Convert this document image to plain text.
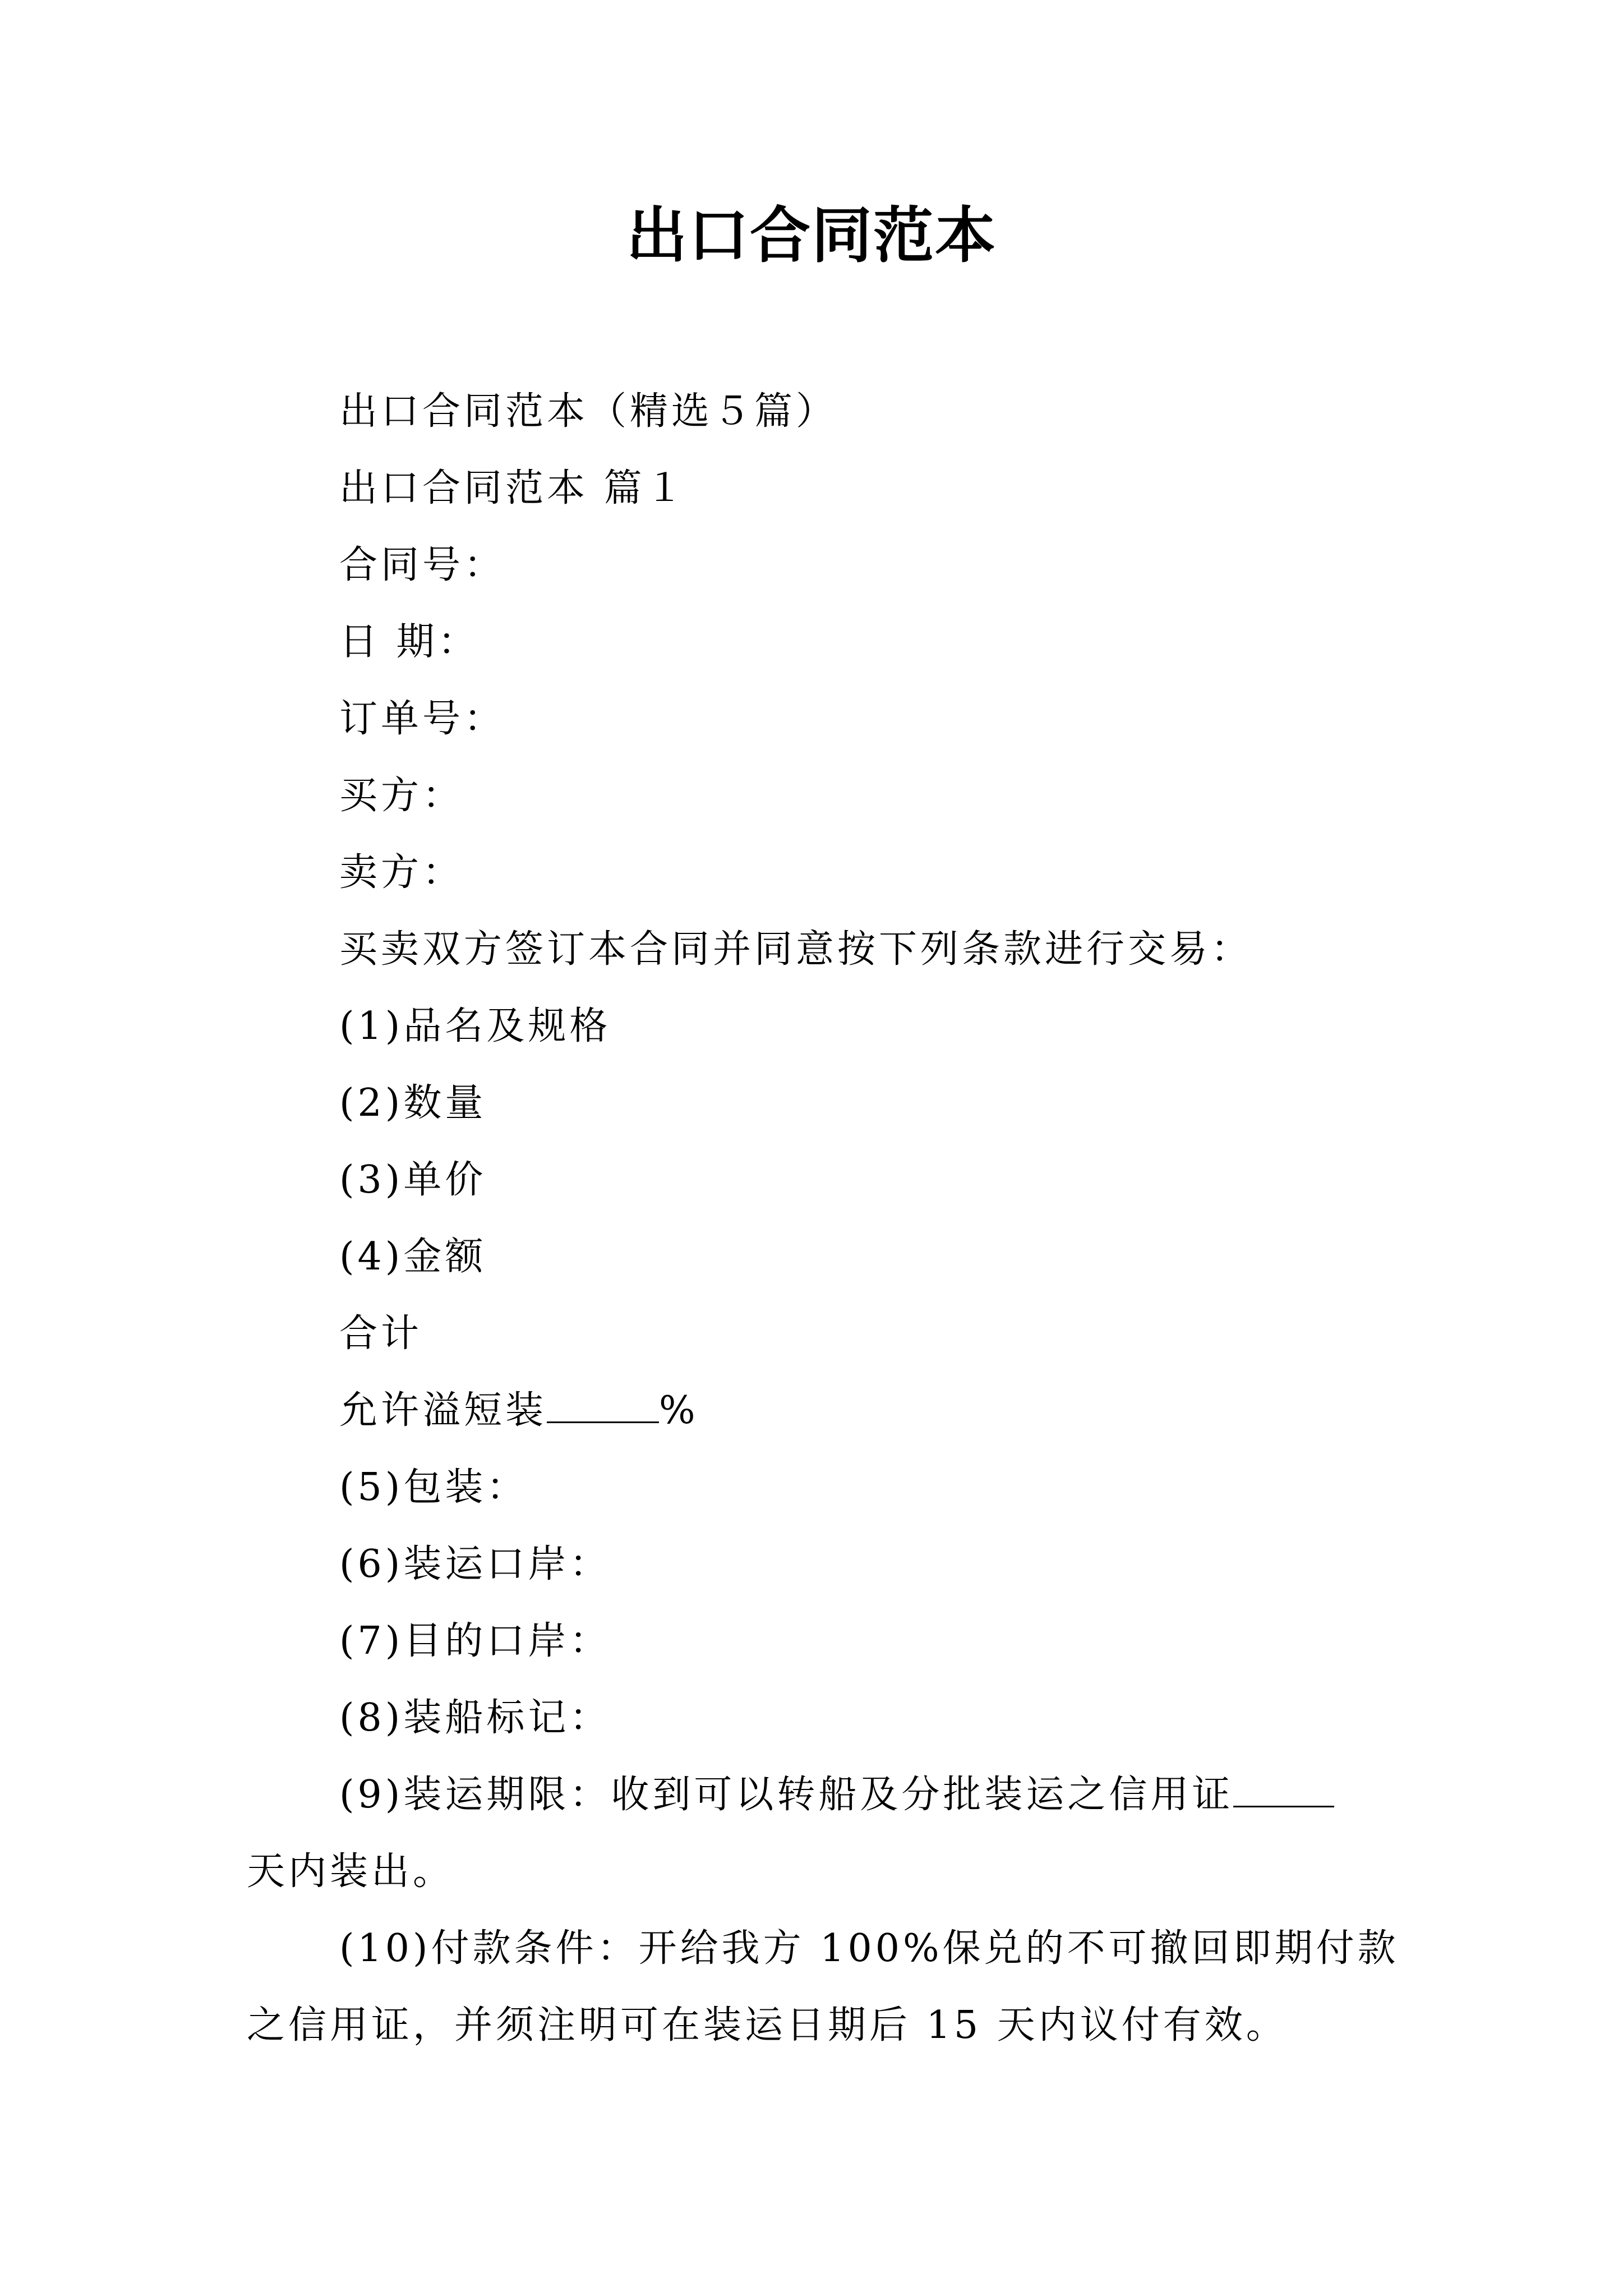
出口合同范本

出口合同范本（精选５篇）

出口合同范本 篇１

合同号：

日 期：

订单号：

买方：

卖方：

买卖双方签订本合同并同意按下列条款进行交易：

(1)品名及规格

(2)数量

(3)单价

(4)金额

合计

允许溢短装	%

(5)包装：

(6)装运口岸：

(7)目的口岸：

(8)装船标记：

(9)装运期限：收到可以转船及分批装运之信用证
天内装出。

(10)付款条件：开给我方 100%保兑的不可撤回即期付款
之信用证，并须注明可在装运日期后 15 天内议付有效。
